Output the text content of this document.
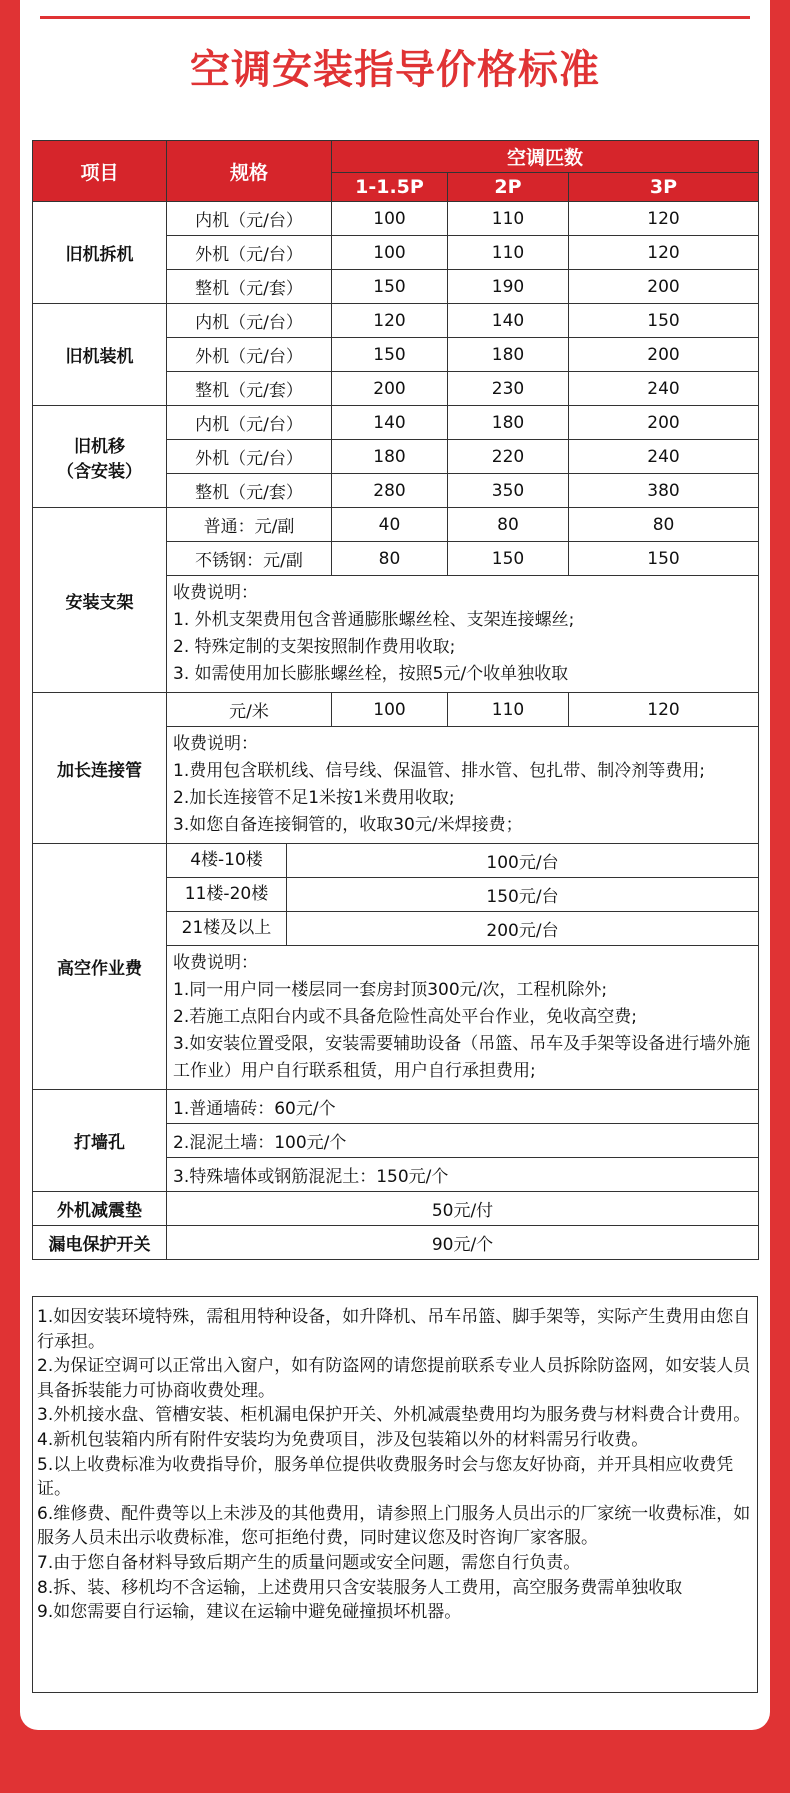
空调安装指导价格标准
项目	规格	空调匹数		
		1-1.5P	2P	3P
旧机拆机	内机（元/台）	100	110	120
	外机（元/台）	100	110	120
	整机（元/套）	150	190	200
旧机装机	内机（元/台）	120	140	150
	外机（元/台）	150	180	200
	整机（元/套）	200	230	240

旧机移
（含安装）	内机（元/台）	140	180	200
	外机（元/台）	180	220	240
	整机（元/套）	280	350	380
安装支架	普通：元/副	40	80	80
	不锈钢：元/副	80	150	150

	收费说明：
1. 外机支架费用包含普通膨胀螺丝栓、支架连接螺丝;
2. 特殊定制的支架按照制作费用收取;
3. 如需使用加长膨胀螺丝栓，按照5元/个收单独收取			

加长连接管	元/米	100	110	120

	收费说明：
1.费用包含联机线、信号线、保温管、排水管、包扎带、制冷剂等费用;
2.加长连接管不足1米按1米费用收取;
3.如您自备连接铜管的，收取30元/米焊接费；			

高空作业费	4楼-10楼 100元/台			

	11楼-20楼 150元/台			

	21楼及以上 200元/台			

	收费说明：
1.同一用户同一楼层同一套房封顶300元/次，工程机除外;
2.若施工点阳台内或不具备危险性高处平台作业，免收高空费;
3.如安装位置受限，安装需要辅助设备（吊篮、吊车及手架等设备进行墙外施工作业）用户自行联系租赁，用户自行承担费用;			

打墙孔	1.普通墙砖：60元/个			
	2.混泥土墙：100元/个			
	3.特殊墙体或钢筋混泥土：150元/个			
外机减震垫	50元/付			
漏电保护开关	90元/个			
1.如因安装环境特殊，需租用特种设备，如升降机、吊车吊篮、脚手架等，实际产生费用由您自行承担。
2.为保证空调可以正常出入窗户，如有防盗网的请您提前联系专业人员拆除防盗网，如安装人员具备拆装能力可协商收费处理。
3.外机接水盘、管槽安装、柜机漏电保护开关、外机减震垫费用均为服务费与材料费合计费用。
4.新机包装箱内所有附件安装均为免费项目，涉及包装箱以外的材料需另行收费。
5.以上收费标准为收费指导价，服务单位提供收费服务时会与您友好协商，并开具相应收费凭证。
6.维修费、配件费等以上未涉及的其他费用，请参照上门服务人员出示的厂家统一收费标准，如服务人员未出示收费标准，您可拒绝付费，同时建议您及时咨询厂家客服。
7.由于您自备材料导致后期产生的质量问题或安全问题，需您自行负责。
8.拆、装、移机均不含运输，上述费用只含安装服务人工费用，高空服务费需单独收取
9.如您需要自行运输，建议在运输中避免碰撞损坏机器。
